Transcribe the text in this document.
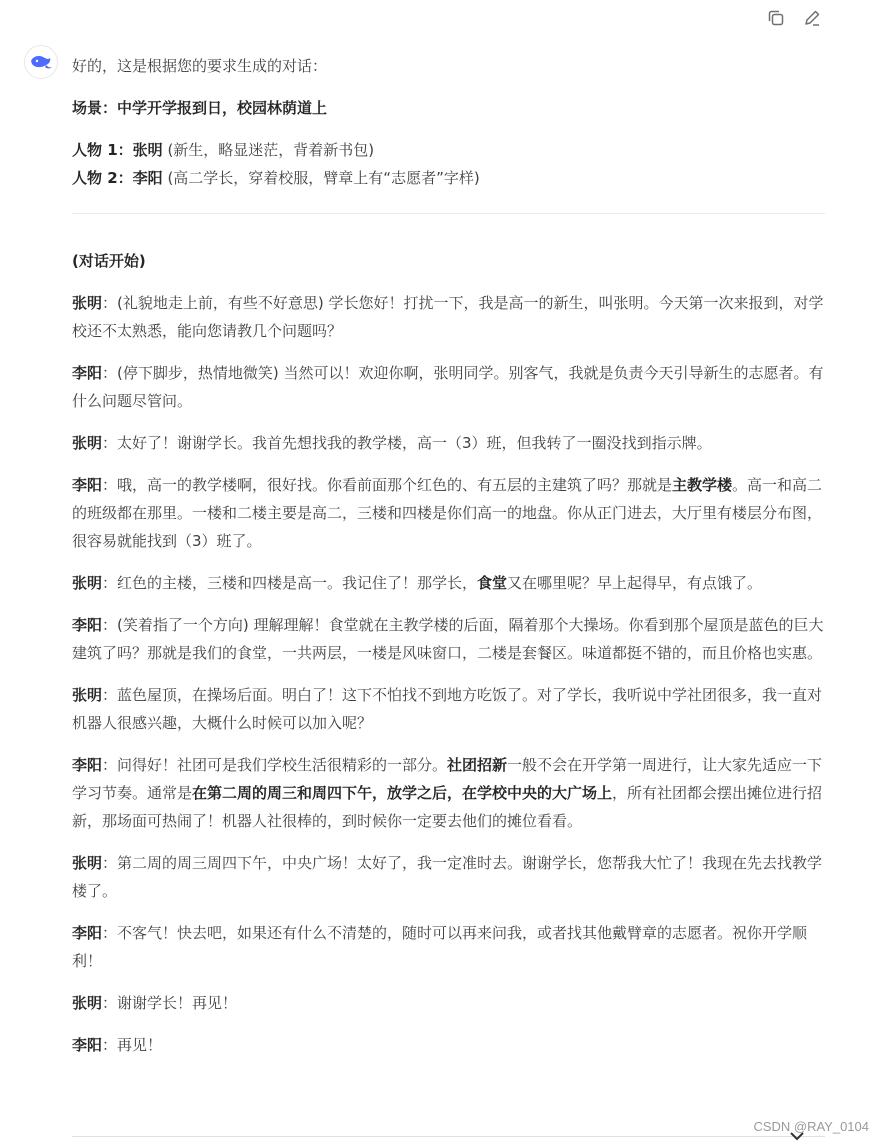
好的，这是根据您的要求生成的对话：

场景：中学开学报到日，校园林荫道上

人物 1：张明 (新生，略显迷茫，背着新书包)

人物 2：李阳 (高二学长，穿着校服，臂章上有“志愿者”字样)

(对话开始)

张明：(礼貌地走上前，有些不好意思) 学长您好！打扰一下，我是高一的新生，叫张明。今天第一次来报到，对学校还不太熟悉，能向您请教几个问题吗？

李阳：(停下脚步，热情地微笑) 当然可以！欢迎你啊，张明同学。别客气，我就是负责今天引导新生的志愿者。有什么问题尽管问。

张明：太好了！谢谢学长。我首先想找我的教学楼，高一（3）班，但我转了一圈没找到指示牌。

李阳：哦，高一的教学楼啊，很好找。你看前面那个红色的、有五层的主建筑了吗？那就是主教学楼。高一和高二的班级都在那里。一楼和二楼主要是高二，三楼和四楼是你们高一的地盘。你从正门进去，大厅里有楼层分布图，很容易就能找到（3）班了。

张明：红色的主楼，三楼和四楼是高一。我记住了！那学长，食堂又在哪里呢？早上起得早，有点饿了。

李阳：(笑着指了一个方向) 理解理解！食堂就在主教学楼的后面，隔着那个大操场。你看到那个屋顶是蓝色的巨大建筑了吗？那就是我们的食堂，一共两层，一楼是风味窗口，二楼是套餐区。味道都挺不错的，而且价格也实惠。

张明：蓝色屋顶，在操场后面。明白了！这下不怕找不到地方吃饭了。对了学长，我听说中学社团很多，我一直对机器人很感兴趣，大概什么时候可以加入呢？

李阳：问得好！社团可是我们学校生活很精彩的一部分。社团招新一般不会在开学第一周进行，让大家先适应一下学习节奏。通常是在第二周的周三和周四下午，放学之后，在学校中央的大广场上，所有社团都会摆出摊位进行招新，那场面可热闹了！机器人社很棒的，到时候你一定要去他们的摊位看看。

张明：第二周的周三周四下午，中央广场！太好了，我一定准时去。谢谢学长，您帮我大忙了！我现在先去找教学楼了。

李阳：不客气！快去吧，如果还有什么不清楚的，随时可以再来问我，或者找其他戴臂章的志愿者。祝你开学顺利！

张明：谢谢学长！再见！

李阳：再见！

CSDN @RAY_0104
